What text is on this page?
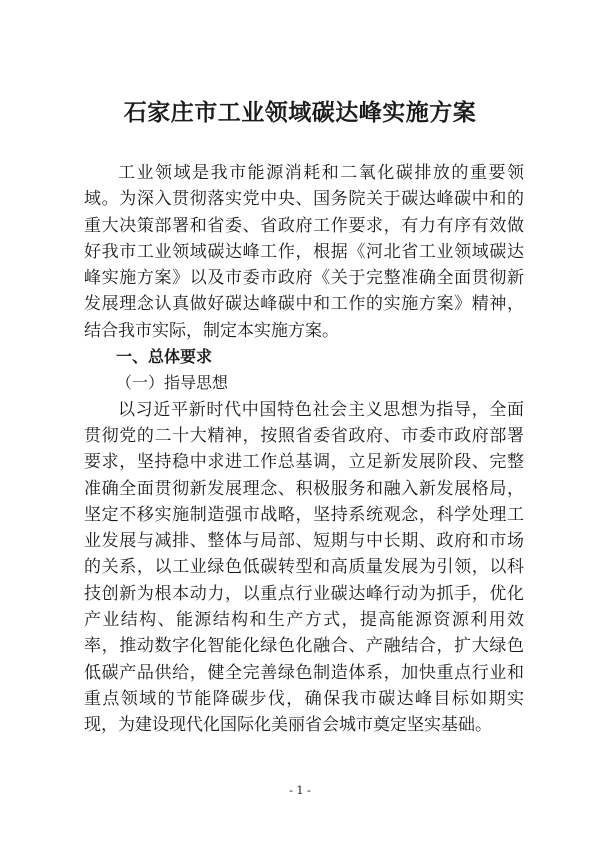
石家庄市工业领域碳达峰实施方案

工业领域是我市能源消耗和二氧化碳排放的重要领域。为深入贯彻落实党中央、国务院关于碳达峰碳中和的重大决策部署和省委、省政府工作要求，有力有序有效做好我市工业领域碳达峰工作，根据《河北省工业领域碳达峰实施方案》以及市委市政府《关于完整准确全面贯彻新发展理念认真做好碳达峰碳中和工作的实施方案》精神，结合我市实际，制定本实施方案。

一、总体要求

（一）指导思想

以习近平新时代中国特色社会主义思想为指导，全面贯彻党的二十大精神，按照省委省政府、市委市政府部署要求，坚持稳中求进工作总基调，立足新发展阶段、完整准确全面贯彻新发展理念、积极服务和融入新发展格局，坚定不移实施制造强市战略，坚持系统观念，科学处理工业发展与减排、整体与局部、短期与中长期、政府和市场的关系，以工业绿色低碳转型和高质量发展为引领，以科技创新为根本动力，以重点行业碳达峰行动为抓手，优化产业结构、能源结构和生产方式，提高能源资源利用效率，推动数字化智能化绿色化融合、产融结合，扩大绿色低碳产品供给，健全完善绿色制造体系，加快重点行业和重点领域的节能降碳步伐，确保我市碳达峰目标如期实现，为建设现代化国际化美丽省会城市奠定坚实基础。

- 1 -
